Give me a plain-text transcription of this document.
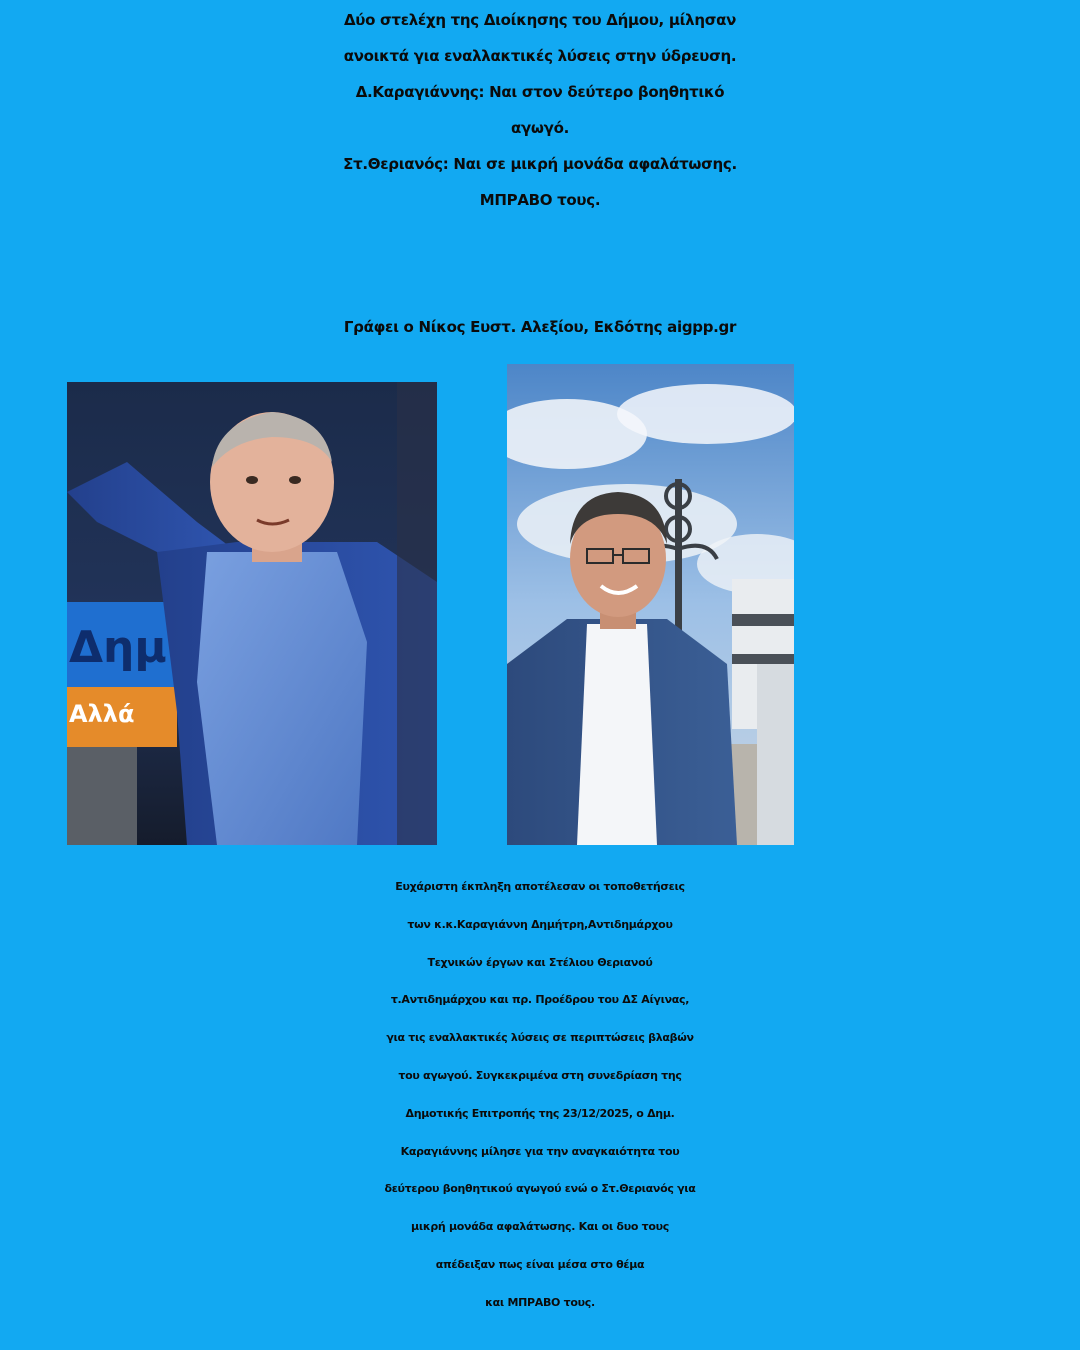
Δύο στελέχη της Διοίκησης του Δήμου, μίλησαν
ανοικτά για εναλλακτικές λύσεις στην ύδρευση.
Δ.Καραγιάννης: Ναι στον δεύτερο βοηθητικό
αγωγό.
Στ.Θεριανός: Ναι σε μικρή μονάδα αφαλάτωσης.
ΜΠΡΑΒΟ τους.

Γράφει ο Νίκος Ευστ. Αλεξίου, Εκδότης aigpp.gr

Δημ
Αλλά
Ευχάριστη έκπληξη αποτέλεσαν οι τοποθετήσεις
των κ.κ.Καραγιάννη Δημήτρη,Αντιδημάρχου
Τεχνικών έργων και Στέλιου Θεριανού
τ.Αντιδημάρχου και πρ. Προέδρου του ΔΣ Αίγινας,
για τις εναλλακτικές λύσεις σε περιπτώσεις βλαβών
του αγωγού. Συγκεκριμένα στη συνεδρίαση της
Δημοτικής Επιτροπής της 23/12/2025, ο Δημ.
Καραγιάννης μίλησε για την αναγκαιότητα του
δεύτερου βοηθητικού αγωγού ενώ ο Στ.Θεριανός για
μικρή μονάδα αφαλάτωσης. Και οι δυο τους
απέδειξαν πως είναι μέσα στο θέμα
και ΜΠΡΑΒΟ τους.
